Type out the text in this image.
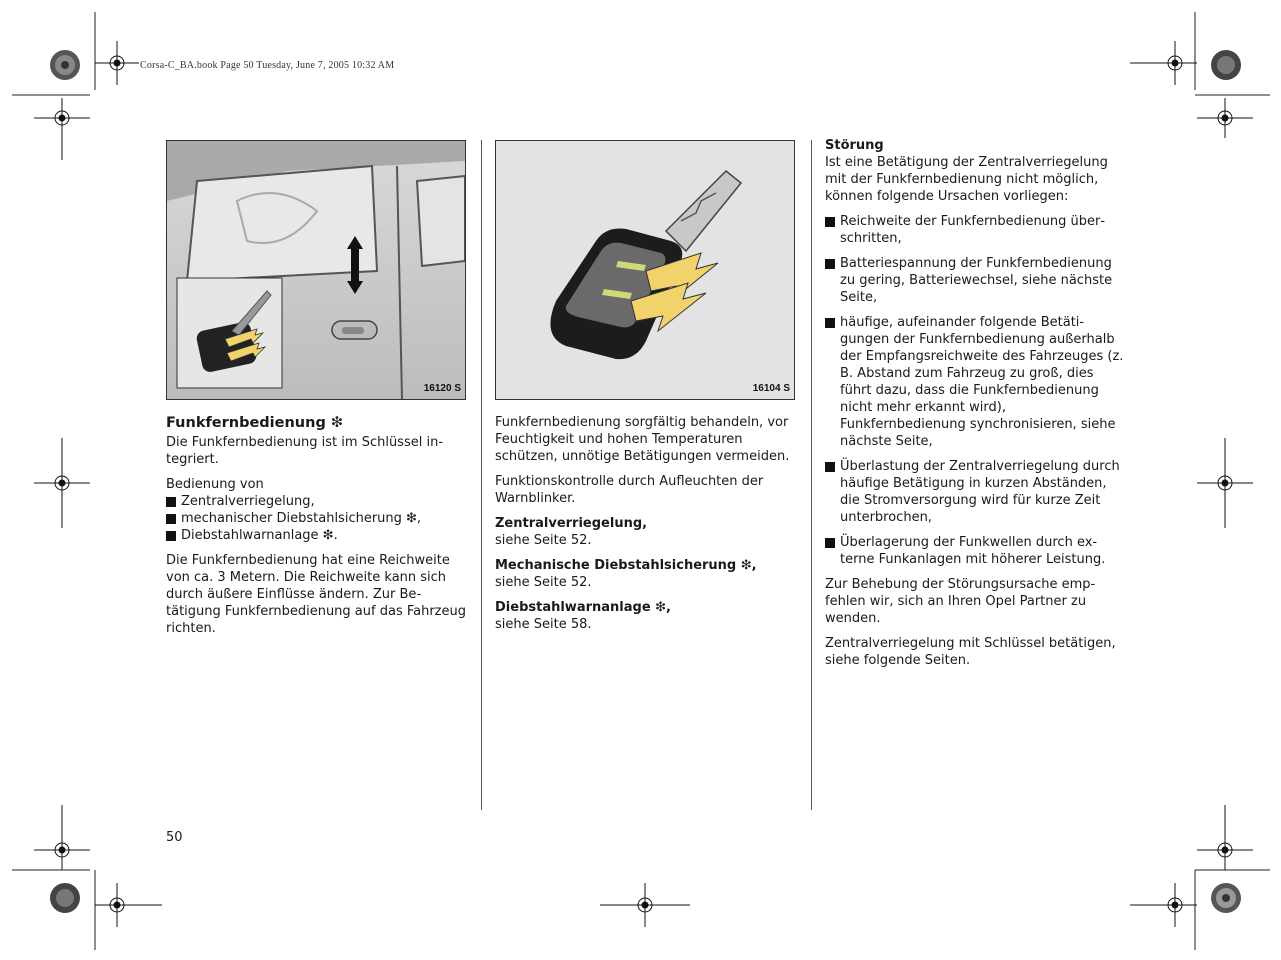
Corsa-C_BA.book Page 50 Tuesday, June 7, 2005 10:32 AM
16120 S
Funkfernbedienung ❇

Die Funkfernbedienung ist im Schlüssel integriert.

Bedienung von
Zentralverriegelung,
mechanischer Diebstahlsicherung ❇,
Diebstahlwarnanlage ❇.

Die Funkfernbedienung hat eine Reichweite von ca. 3 Metern. Die Reichweite kann sich durch äußere Einflüsse ändern. Zur Betätigung Funkfernbedienung auf das Fahrzeug richten.

16104 S

Funkfernbedienung sorgfältig behandeln, vor Feuchtigkeit und hohen Temperaturen schützen, unnötige Betätigungen vermeiden.

Funktionskontrolle durch Aufleuchten der Warnblinker.

Zentralverriegelung,
siehe Seite 52.

Mechanische Diebstahlsicherung ❇,
siehe Seite 52.

Diebstahlwarnanlage ❇,
siehe Seite 58.

Störung

Ist eine Betätigung der Zentralverriegelung mit der Funkfernbedienung nicht möglich, können folgende Ursachen vorliegen:

Reichweite der Funkfernbedienung überschritten,
Batteriespannung der Funkfernbedienung zu gering, Batteriewechsel, siehe nächste Seite,
häufige, aufeinander folgende Betätigungen der Funkfernbedienung außerhalb der Empfangsreichweite des Fahrzeuges (z. B. Abstand zum Fahrzeug zu groß, dies führt dazu, dass die Funkfernbedienung nicht mehr erkannt wird), Funkfernbedienung synchronisieren, siehe nächste Seite,
Überlastung der Zentralverriegelung durch häufige Betätigung in kurzen Abständen, die Stromversorgung wird für kurze Zeit unterbrochen,
Überlagerung der Funkwellen durch externe Funkanlagen mit höherer Leistung.

Zur Behebung der Störungsursache empfehlen wir, sich an Ihren Opel Partner zu wenden.

Zentralverriegelung mit Schlüssel betätigen, siehe folgende Seiten.

50
